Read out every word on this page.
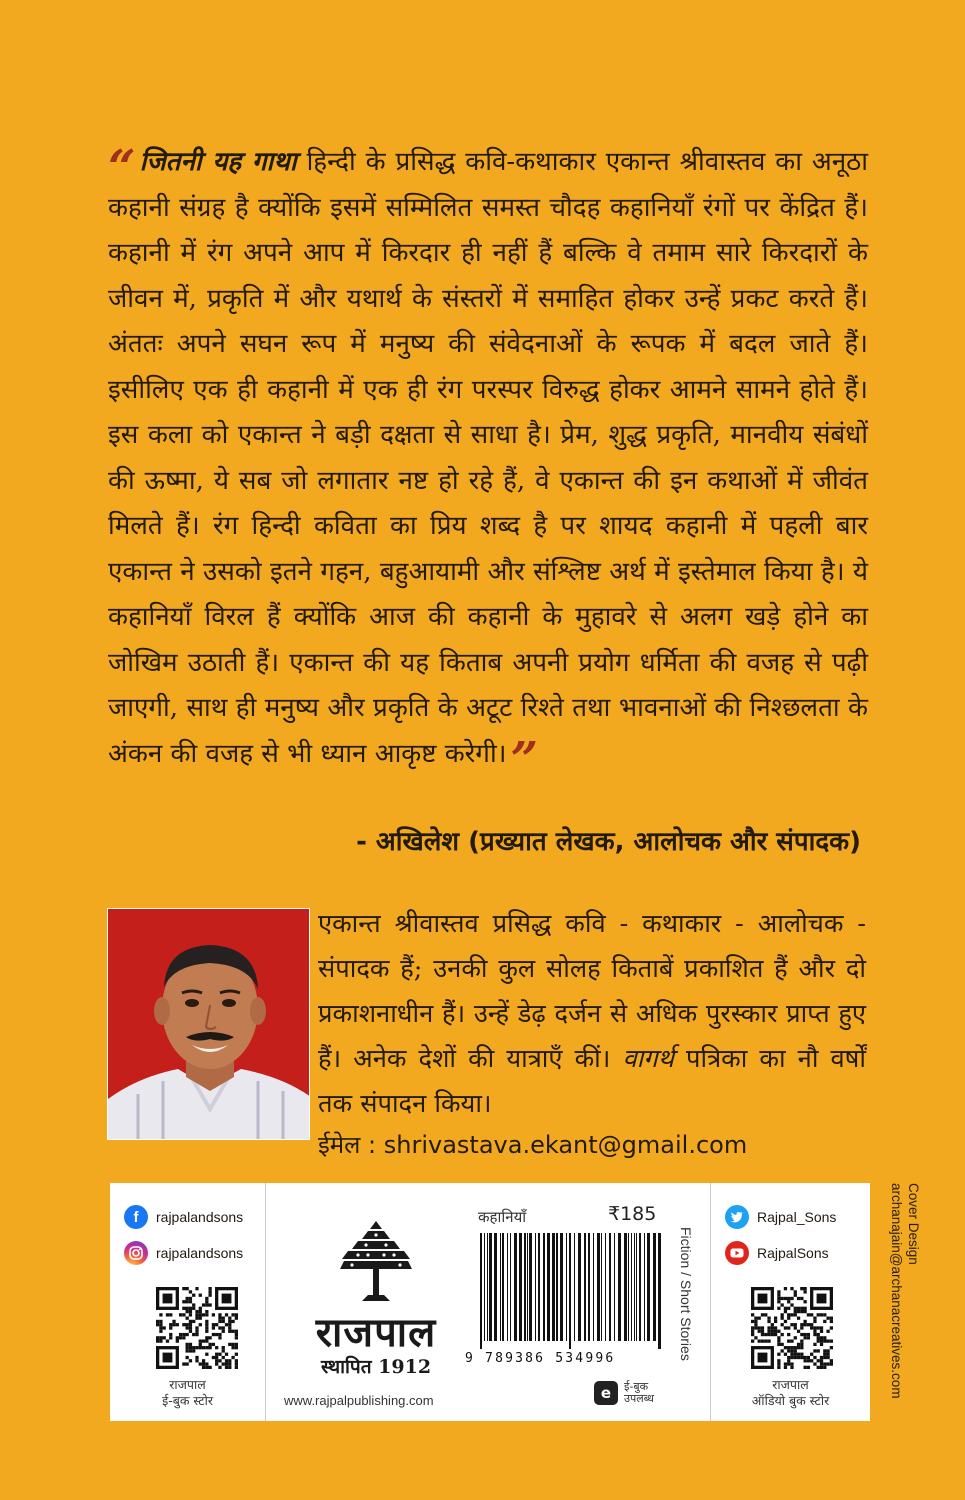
“ जितनी यह गाथा हिन्दी के प्रसिद्ध कवि-कथाकार एकान्त श्रीवास्तव का अनूठा कहानी संग्रह है क्योंकि इसमें सम्मिलित समस्त चौदह कहानियाँ रंगों पर केंद्रित हैं। कहानी में रंग अपने आप में किरदार ही नहीं हैं बल्कि वे तमाम सारे किरदारों के जीवन में, प्रकृति में और यथार्थ के संस्तरों में समाहित होकर उन्हें प्रकट करते हैं। अंततः अपने सघन रूप में मनुष्य की संवेदनाओं के रूपक में बदल जाते हैं। इसीलिए एक ही कहानी में एक ही रंग परस्पर विरुद्ध होकर आमने सामने होते हैं। इस कला को एकान्त ने बड़ी दक्षता से साधा है। प्रेम, शुद्ध प्रकृति, मानवीय संबंधों की ऊष्मा, ये सब जो लगातार नष्ट हो रहे हैं, वे एकान्त की इन कथाओं में जीवंत मिलते हैं। रंग हिन्दी कविता का प्रिय शब्द है पर शायद कहानी में पहली बार एकान्त ने उसको इतने गहन, बहुआयामी और संश्लिष्ट अर्थ में इस्तेमाल किया है। ये कहानियाँ विरल हैं क्योंकि आज की कहानी के मुहावरे से अलग खड़े होने का जोखिम उठाती हैं। एकान्त की यह किताब अपनी प्रयोग धर्मिता की वजह से पढ़ी जाएगी, साथ ही मनुष्य और प्रकृति के अटूट रिश्ते तथा भावनाओं की निश्छलता के अंकन की वजह से भी ध्यान आकृष्ट करेगी।”
- अखिलेश (प्रख्यात लेखक, आलोचक और संपादक)
एकान्त श्रीवास्तव प्रसिद्ध कवि - कथाकार - आलोचक - संपादक हैं; उनकी कुल सोलह किताबें प्रकाशित हैं और दो प्रकाशनाधीन हैं। उन्हें डेढ़ दर्जन से अधिक पुरस्कार प्राप्त हुए हैं। अनेक देशों की यात्राएँ कीं। वागर्थ पत्रिका का नौ वर्षों तक संपादन किया।
ईमेल : shrivastava.ekant@gmail.com
f	rajpalandsons
rajpalandsons
राजपाल
ई-बुक स्टोर
राजपाल
स्थापित 1912
www.rajpalpublishing.com
कहानियाँ	₹185
9 789386 534996
e	ई-बुक
उपलब्ध
Fiction / Short Stories
Rajpal_Sons
RajpalSons
राजपाल
ऑडियो बुक स्टोर
Cover Design
archanajain@archanacreatives.com
